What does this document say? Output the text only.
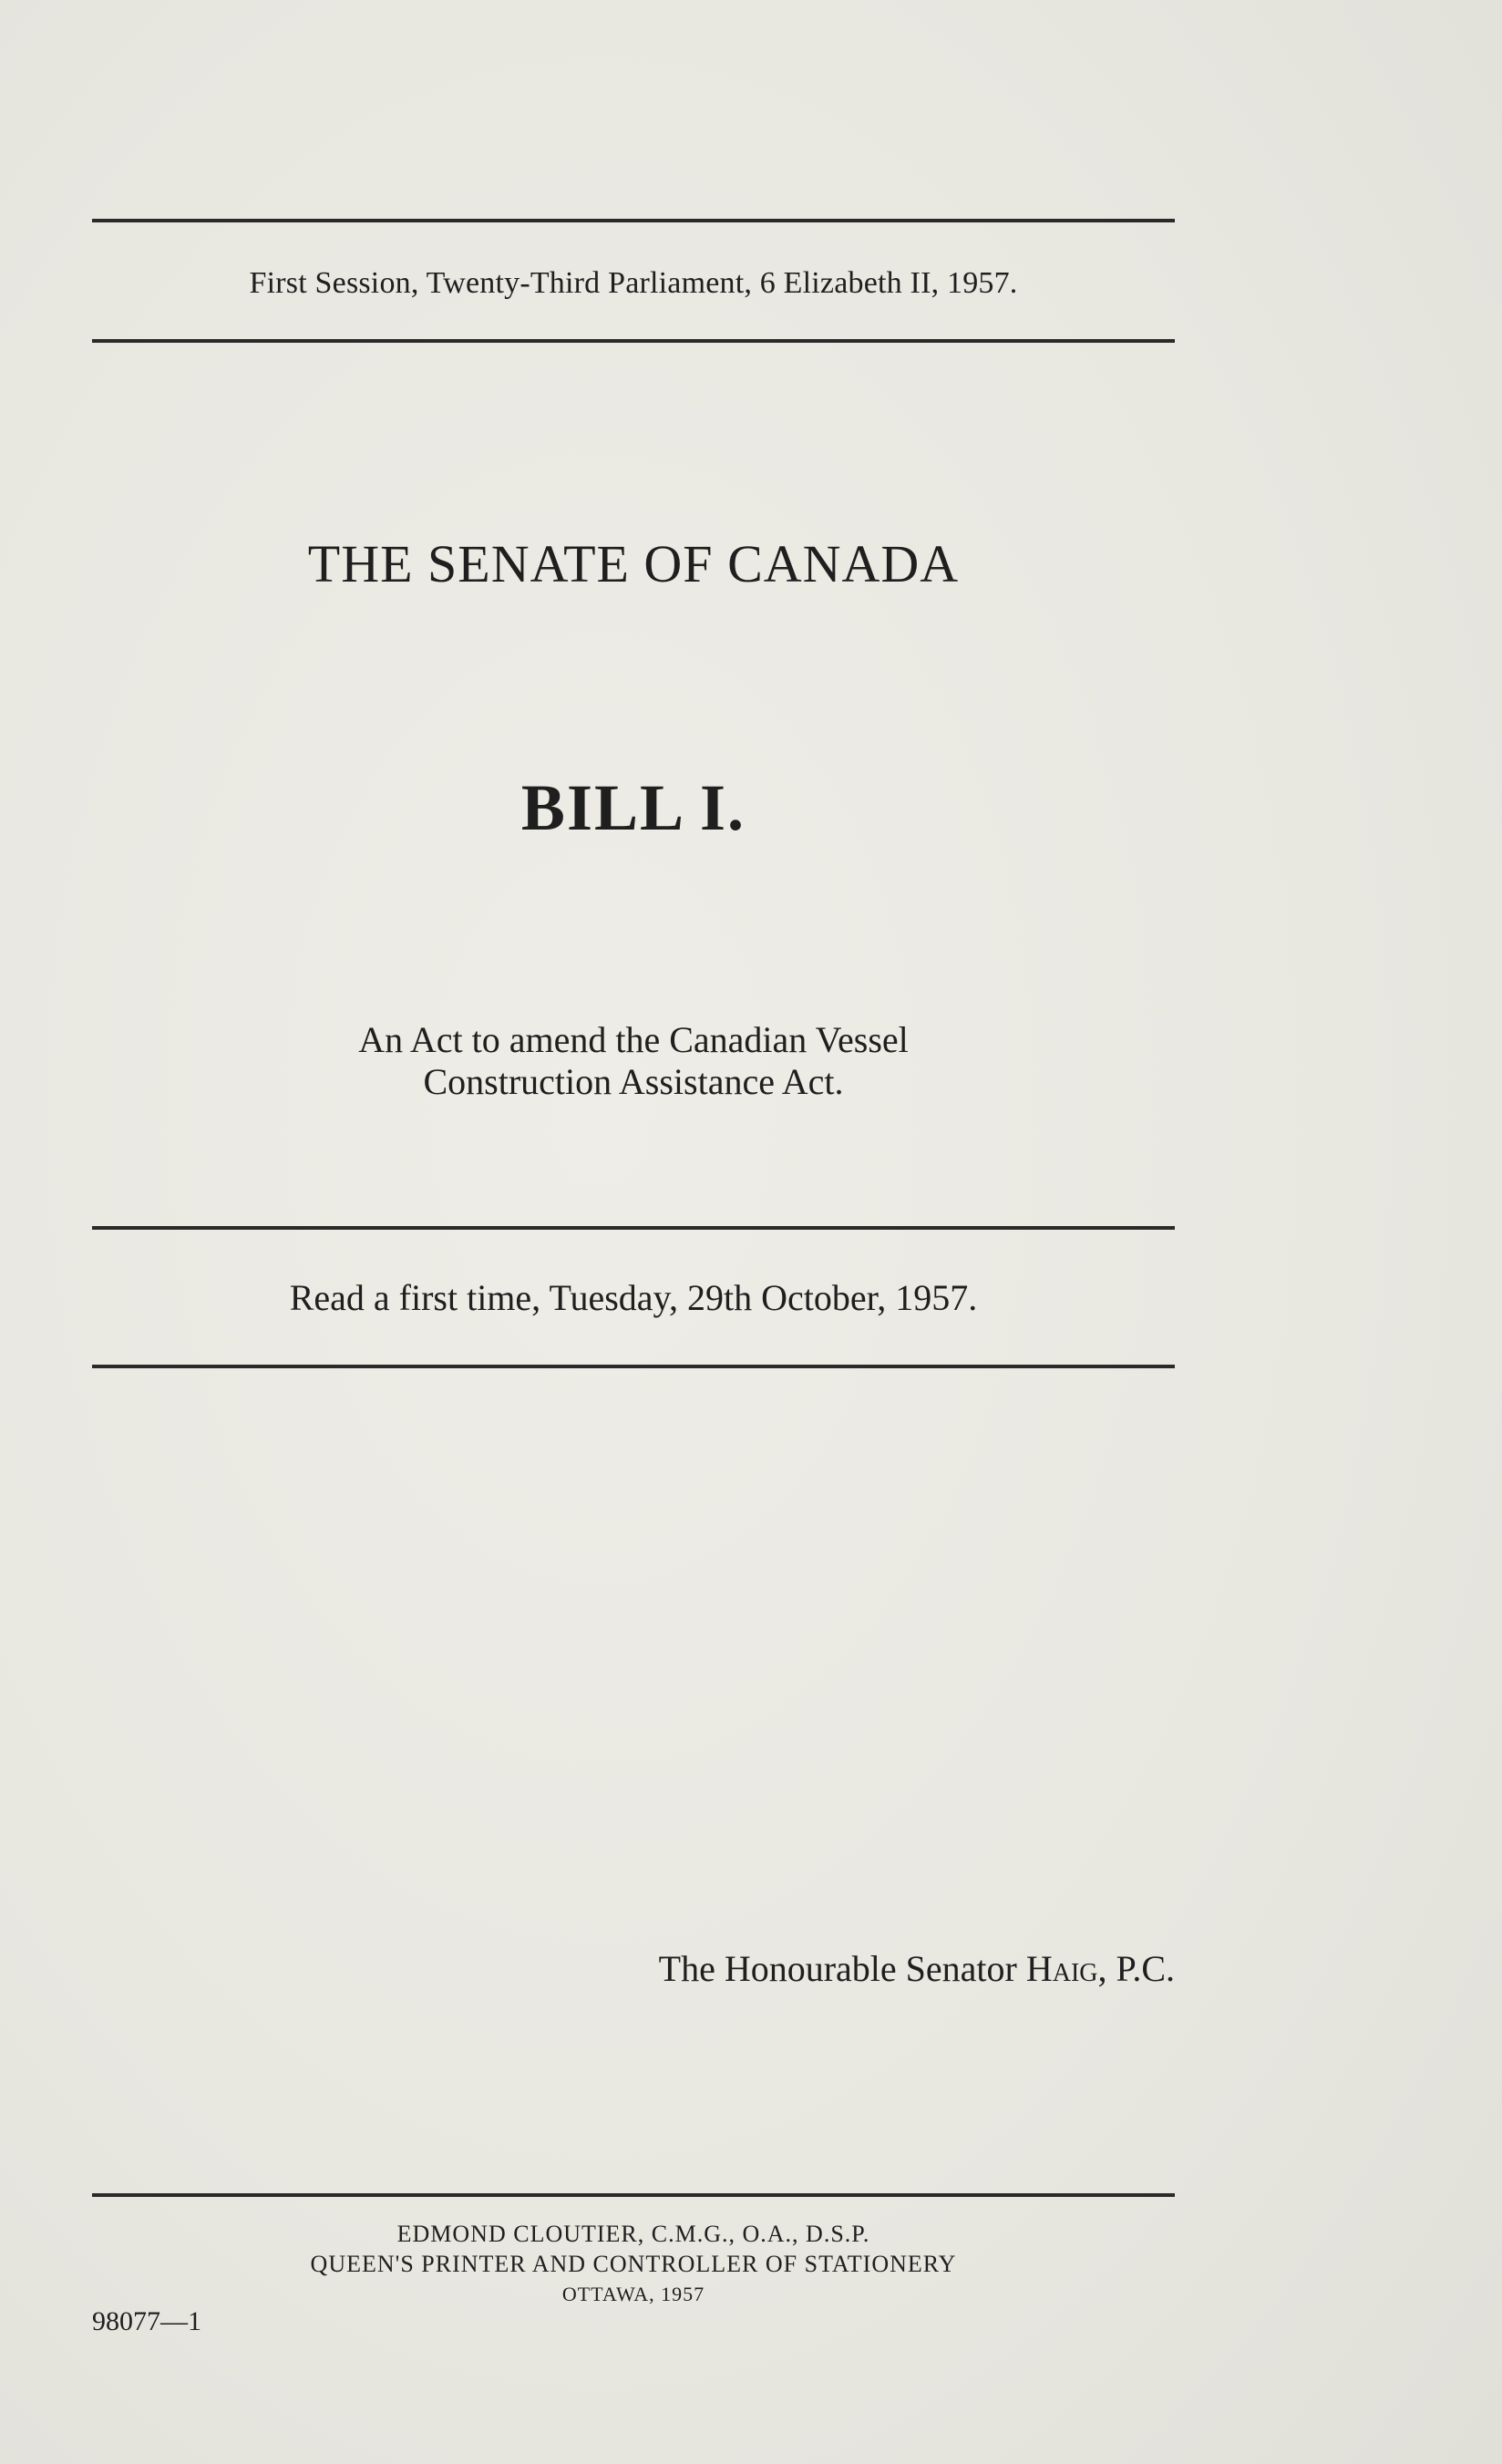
First Session, Twenty-Third Parliament, 6 Elizabeth II, 1957.
THE SENATE OF CANADA
BILL I.
An Act to amend the Canadian Vessel
Construction Assistance Act.
Read a first time, Tuesday, 29th October, 1957.
The Honourable Senator Haig, P.C.
EDMOND CLOUTIER, C.M.G., O.A., D.S.P.
QUEEN'S PRINTER AND CONTROLLER OF STATIONERY
OTTAWA, 1957
98077—1
